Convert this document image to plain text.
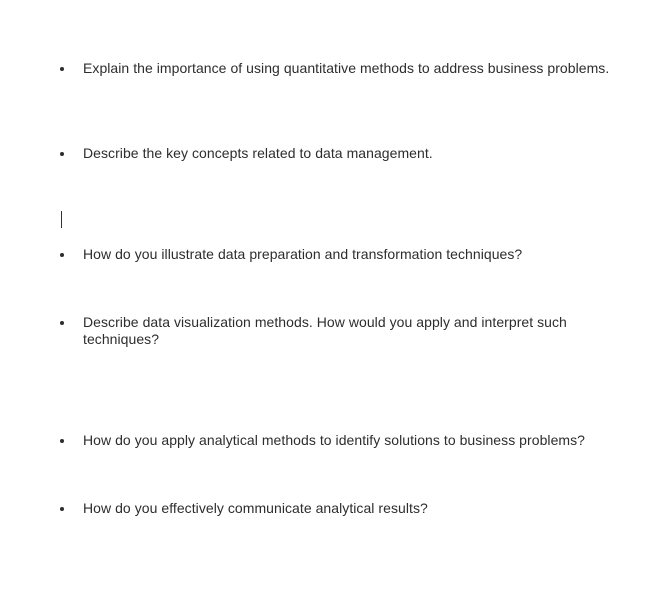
Explain the importance of using quantitative methods to address business problems.
Describe the key concepts related to data management.
How do you illustrate data preparation and transformation techniques?
Describe data visualization methods. How would you apply and interpret such techniques?
How do you apply analytical methods to identify solutions to business problems?
How do you effectively communicate analytical results?
